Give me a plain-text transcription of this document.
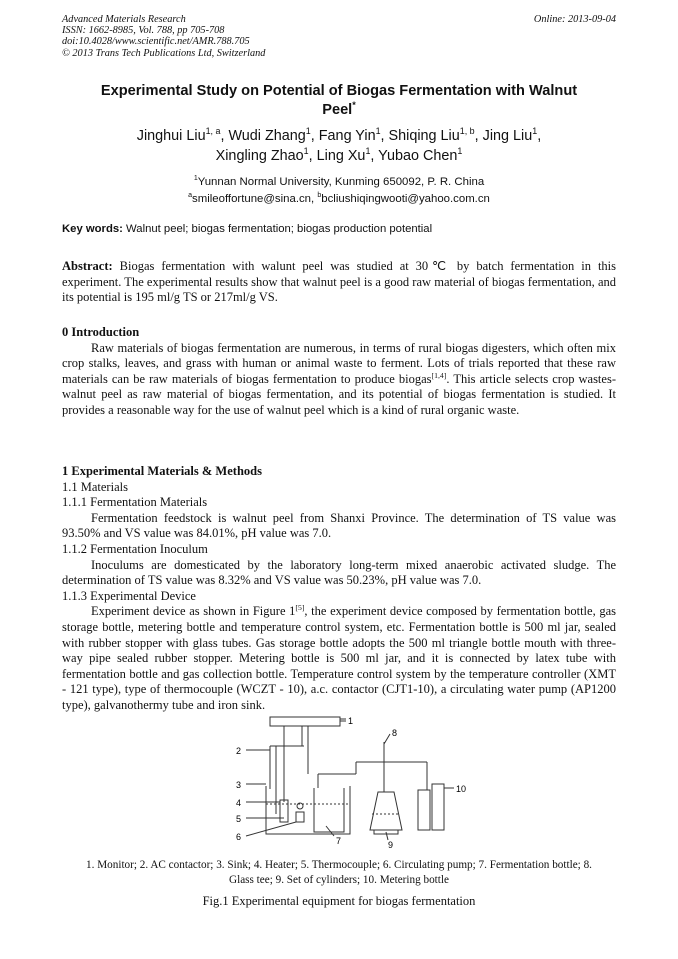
Advanced Materials Research
ISSN: 1662-8985, Vol. 788, pp 705-708
doi:10.4028/www.scientific.net/AMR.788.705
© 2013 Trans Tech Publications Ltd, Switzerland
Online: 2013-09-04
Experimental Study on Potential of Biogas Fermentation with Walnut
Peel*
Jinghui Liu$^{1, a}$, Wudi Zhang$^1$, Fang Yin$^1$, Shiqing Liu$^{1, b}$, Jing Liu$^1$,
Xingling Zhao$^1$, Ling Xu$^1$, Yubao Chen$^1$
$^1$Yunnan Normal University, Kunming 650092, P. R. China
$^a$smileoffortune@sina.cn, $^b$bcliushiqingwooti@yahoo.com.cn
Key words: Walnut peel; biogas fermentation; biogas production potential

Abstract: Biogas fermentation with walunt peel was studied at 30℃ by batch fermentation in this experiment. The experimental results show that walnut peel is a good raw material of biogas fermentation, and its potential is 195 ml/g TS or 217ml/g VS.

0 Introduction

Raw materials of biogas fermentation are numerous, in terms of rural biogas digesters, which often mix crop stalks, leaves, and grass with human or animal waste to ferment. Lots of trials reported that these raw materials can be raw materials of biogas fermentation to produce biogas[1,4]. This article selects crop wastes-walnut peel as raw material of biogas fermentation, and its potential of biogas fermentation is studied. It provides a reasonable way for the use of walnut peel which is a kind of rural organic waste.

1 Experimental Materials & Methods

1.1 Materials

1.1.1 Fermentation Materials

Fermentation feedstock is walnut peel from Shanxi Province. The determination of TS value was 93.50% and VS value was 84.01%, pH value was 7.0.

1.1.2 Fermentation Inoculum

Inoculums are domesticated by the laboratory long-term mixed anaerobic activated sludge. The determination of TS value was 8.32% and VS value was 50.23%, pH value was 7.0.

1.1.3 Experimental Device

Experiment device as shown in Figure 1[5], the experiment device composed by fermentation bottle, gas storage bottle, metering bottle and temperature control system, etc. Fermentation bottle is 500 ml jar, sealed with rubber stopper with glass tubes. Gas storage bottle adopts the 500 ml triangle bottle mouth with three-way pipe sealed rubber stopper. Metering bottle is 500 ml jar, and it is connected by latex tube with fermentation bottle and gas collection bottle. Temperature control system by the temperature controller (XMT - 121 type), type of thermocouple (WCZT - 10), a.c. contactor (CJT1-10), a circulating water pump (AP1200 type), galvanothermy tube and iron sink.

1
2
3
4
5
6	7
8
9
10
1. Monitor; 2. AC contactor; 3. Sink; 4. Heater; 5. Thermocouple; 6. Circulating pump; 7. Fermentation bottle; 8.
Glass tee; 9. Set of cylinders; 10. Metering bottle
Fig.1 Experimental equipment for biogas fermentation
